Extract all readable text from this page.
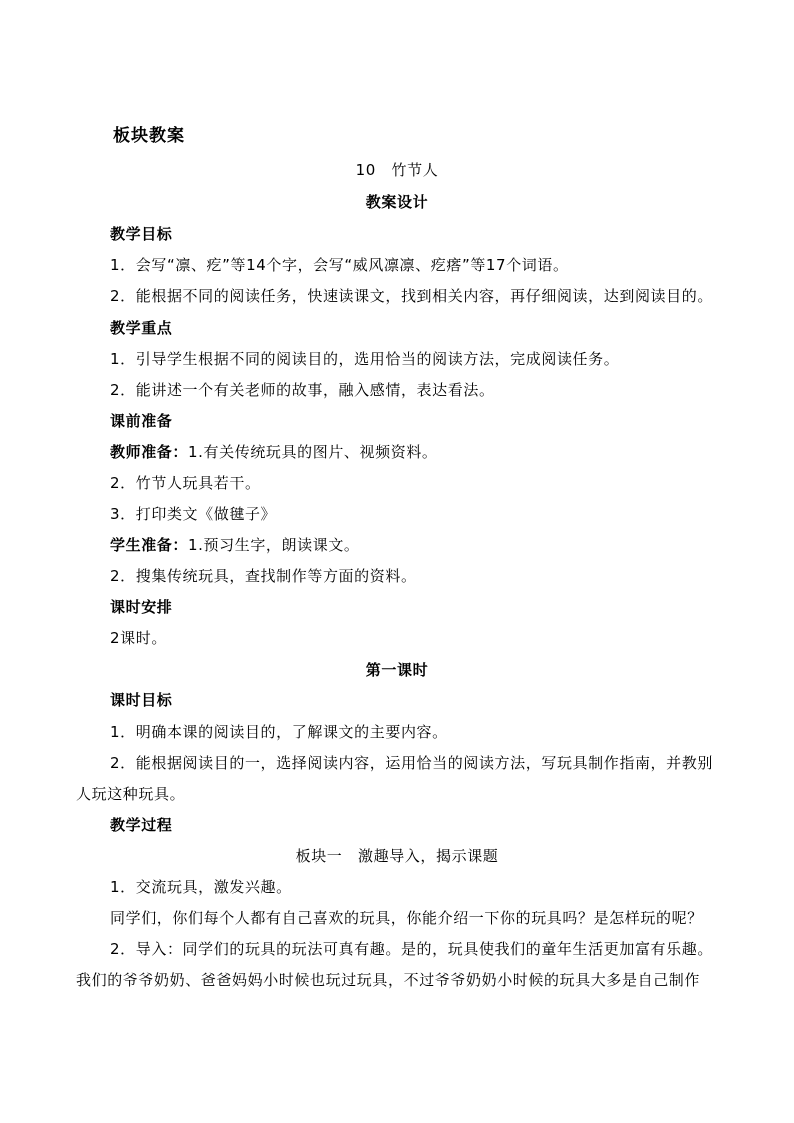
板块教案
10　竹节人
教案设计
教学目标
1．会写“凛、疙”等14个字，会写“威风凛凛、疙瘩”等17个词语。
2．能根据不同的阅读任务，快速读课文，找到相关内容，再仔细阅读，达到阅读目的。
教学重点
1．引导学生根据不同的阅读目的，选用恰当的阅读方法，完成阅读任务。
2．能讲述一个有关老师的故事，融入感情，表达看法。
课前准备
教师准备：1.有关传统玩具的图片、视频资料。
2．竹节人玩具若干。
3．打印类文《做毽子》
学生准备：1.预习生字，朗读课文。
2．搜集传统玩具，查找制作等方面的资料。
课时安排
2课时。
第一课时
课时目标
1．明确本课的阅读目的，了解课文的主要内容。
2．能根据阅读目的一，选择阅读内容，运用恰当的阅读方法，写玩具制作指南，并教别
人玩这种玩具。
教学过程
板块一　激趣导入，揭示课题
1．交流玩具，激发兴趣。
同学们，你们每个人都有自己喜欢的玩具，你能介绍一下你的玩具吗？是怎样玩的呢？
2．导入：同学们的玩具的玩法可真有趣。是的，玩具使我们的童年生活更加富有乐趣。
我们的爷爷奶奶、爸爸妈妈小时候也玩过玩具，不过爷爷奶奶小时候的玩具大多是自己制作
